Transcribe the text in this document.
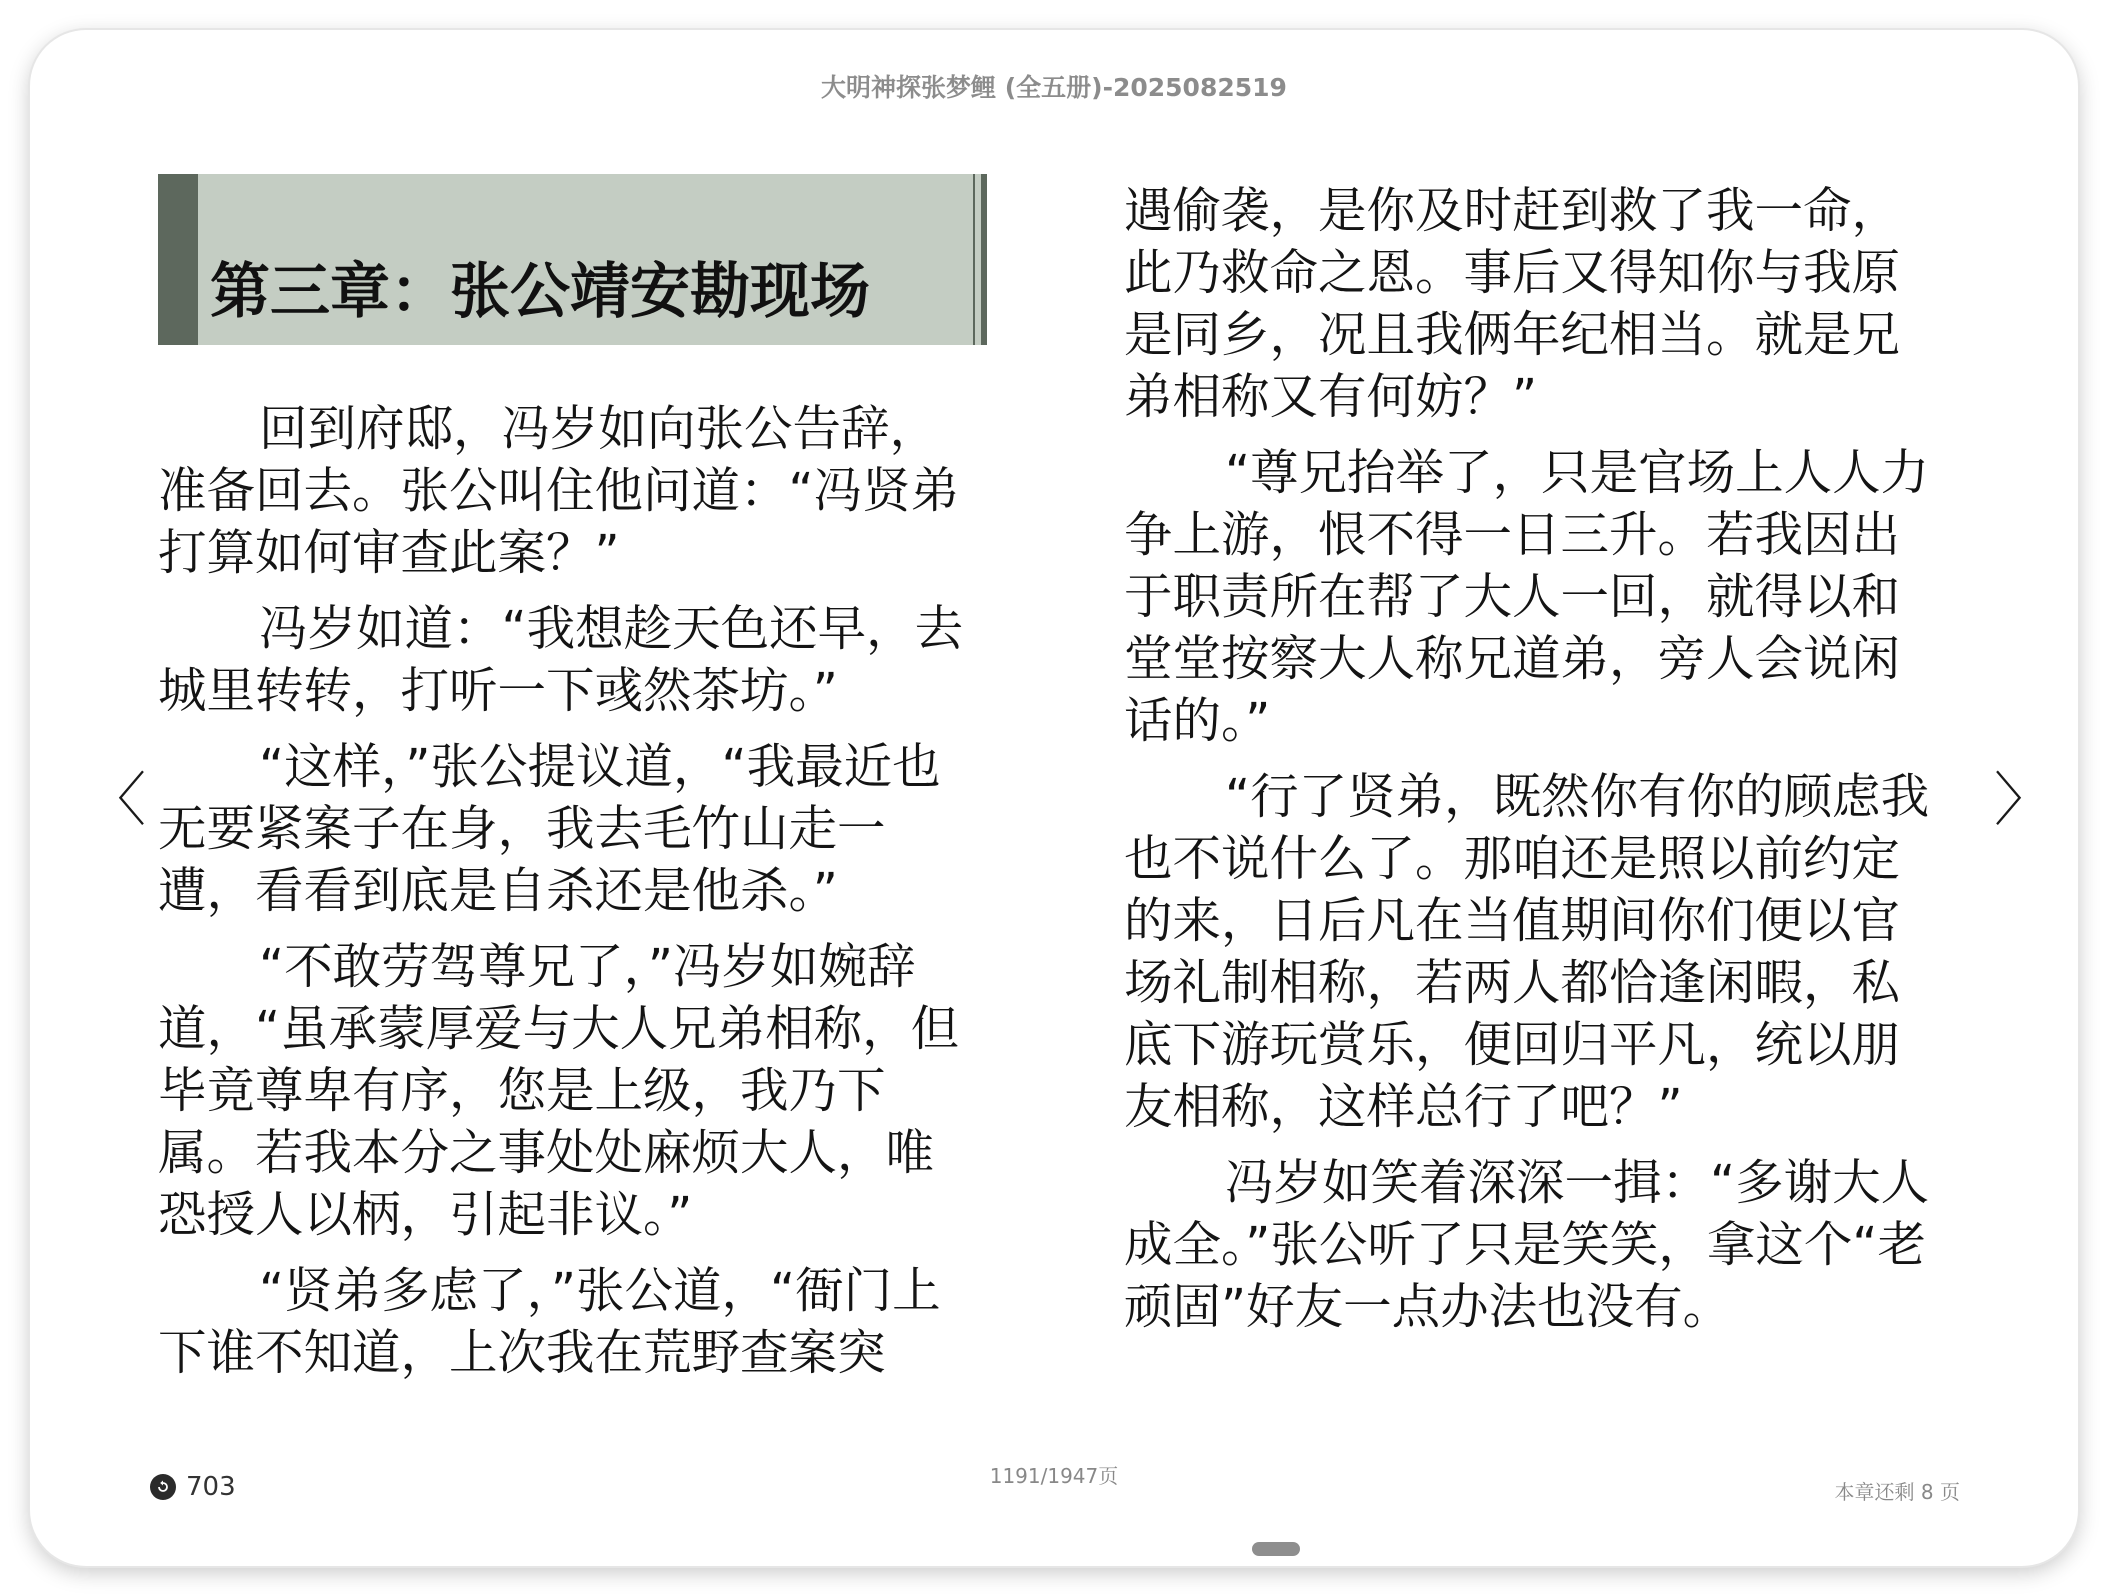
大明神探张梦鲤 (全五册)-2025082519
第三章：张公靖安勘现场

回到府邸，冯岁如向张公告辞，准备回去。张公叫住他问道：“冯贤弟打算如何审查此案？”

冯岁如道：“我想趁天色还早，去城里转转，打听一下彧然茶坊。”

“这样，”张公提议道，“我最近也无要紧案子在身，我去毛竹山走一遭，看看到底是自杀还是他杀。”

“不敢劳驾尊兄了，”冯岁如婉辞道，“虽承蒙厚爱与大人兄弟相称，但毕竟尊卑有序，您是上级，我乃下属。若我本分之事处处麻烦大人，唯恐授人以柄，引起非议。”

“贤弟多虑了，”张公道，“衙门上下谁不知道，上次我在荒野查案突

遇偷袭，是你及时赶到救了我一命，此乃救命之恩。事后又得知你与我原是同乡，况且我俩年纪相当。就是兄弟相称又有何妨？”

“尊兄抬举了，只是官场上人人力争上游，恨不得一日三升。若我因出于职责所在帮了大人一回，就得以和堂堂按察大人称兄道弟，旁人会说闲话的。”

“行了贤弟，既然你有你的顾虑我也不说什么了。那咱还是照以前约定的来，日后凡在当值期间你们便以官场礼制相称，若两人都恰逢闲暇，私底下游玩赏乐，便回归平凡，统以朋友相称，这样总行了吧？”

冯岁如笑着深深一揖：“多谢大人成全。”张公听了只是笑笑，拿这个“老顽固”好友一点办法也没有。

〈	〉
703	1191/1947页
本章还剩 8 页
